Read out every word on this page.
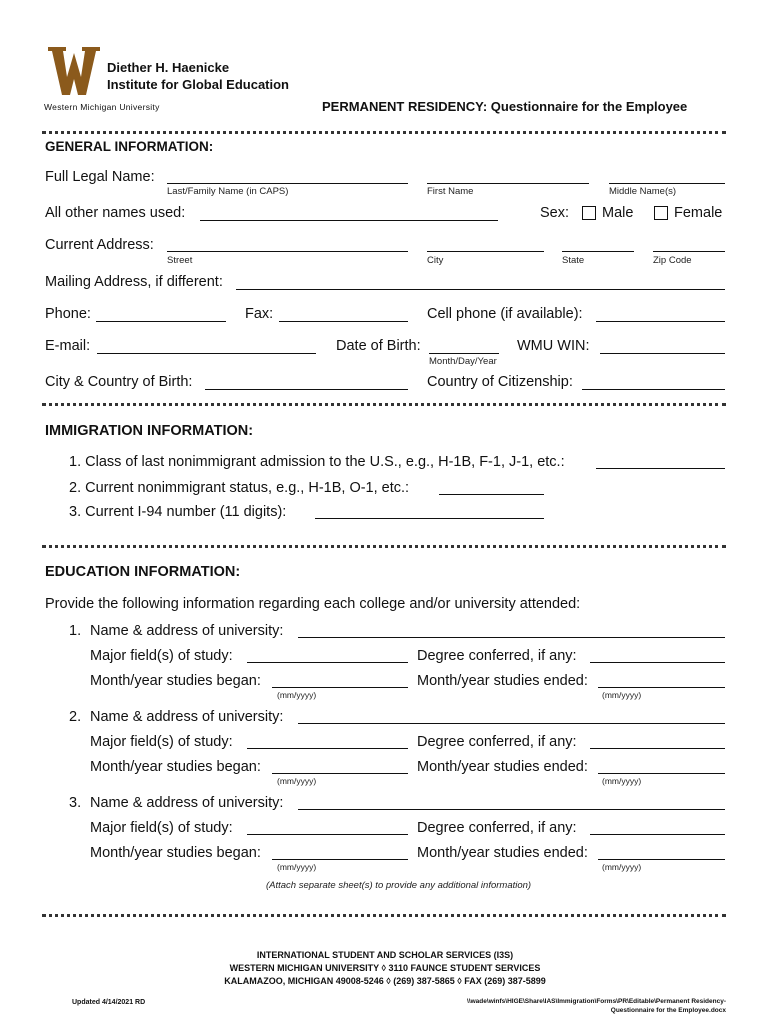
Diether H. Haenicke
Institute for Global Education
Western Michigan University	PERMANENT RESIDENCY: Questionnaire for the Employee
GENERAL INFORMATION:
Full Legal Name:
Last/Family Name (in CAPS)	First Name	Middle Name(s)
All other names used:	Sex: Male	Female
Current Address:
Street	City	State	Zip Code
Mailing Address, if different:
Phone:	Fax:	Cell phone (if available):
E-mail:	Date of Birth:
Month/Day/Year
WMU WIN:
City & Country of Birth:	Country of Citizenship:
IMMIGRATION INFORMATION:
1. Class of last nonimmigrant admission to the U.S., e.g., H-1B, F-1, J-1, etc.:
2. Current nonimmigrant status, e.g., H-1B, O-1, etc.:
3. Current I-94 number (11 digits):
EDUCATION INFORMATION:
Provide the following information regarding each college and/or university attended:
1. Name & address of university:
Major field(s) of study:	Degree conferred, if any:
Month/year studies began:
(mm/yyyy)
Month/year studies ended:
(mm/yyyy)
2. Name & address of university:
Major field(s) of study:	Degree conferred, if any:
Month/year studies began:
(mm/yyyy)
Month/year studies ended:
(mm/yyyy)
3. Name & address of university:
Major field(s) of study:	Degree conferred, if any:
Month/year studies began:
(mm/yyyy)
Month/year studies ended:
(mm/yyyy)
(Attach separate sheet(s) to provide any additional information)
INTERNATIONAL STUDENT AND SCHOLAR SERVICES (I3S)
WESTERN MICHIGAN UNIVERSITY ◊ 3110 FAUNCE STUDENT SERVICES
KALAMAZOO, MICHIGAN 49008-5246 ◊ (269) 387-5865 ◊ FAX (269) 387-5899
Updated 4/14/2021 RD	\\wade\winfs\HIGE\Share\IAS\Immigration\Forms\PR\Editable\Permanent Residency-
Questionnaire for the Employee.docx
